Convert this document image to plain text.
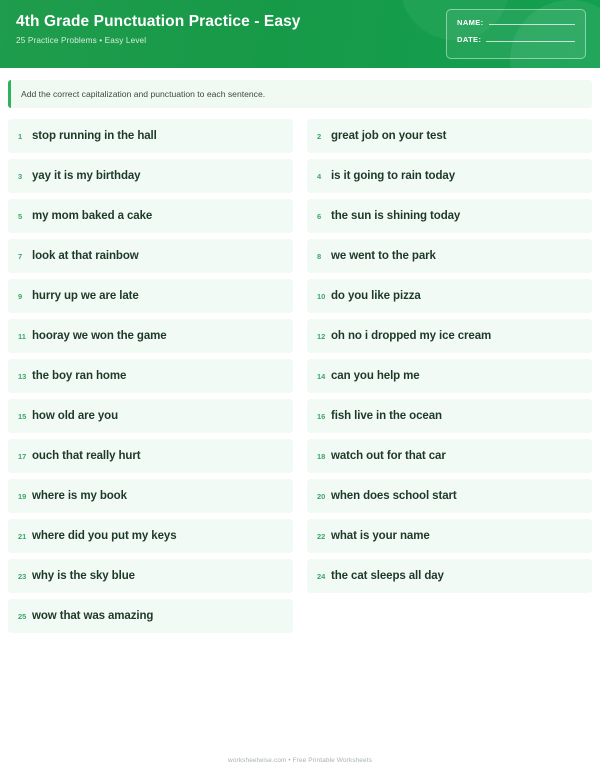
4th Grade Punctuation Practice - Easy
25 Practice Problems • Easy Level
NAME:
DATE:
Add the correct capitalization and punctuation to each sentence.
1 stop running in the hall	2 great job on your test
3 yay it is my birthday	4 is it going to rain today
5 my mom baked a cake	6 the sun is shining today
7 look at that rainbow	8 we went to the park
9 hurry up we are late	10 do you like pizza
11 hooray we won the game	12 oh no i dropped my ice cream
13 the boy ran home	14 can you help me
15 how old are you	16 fish live in the ocean
17 ouch that really hurt	18 watch out for that car
19 where is my book	20 when does school start
21 where did you put my keys	22 what is your name
23 why is the sky blue	24 the cat sleeps all day
25 wow that was amazing
worksheetwise.com • Free Printable Worksheets
